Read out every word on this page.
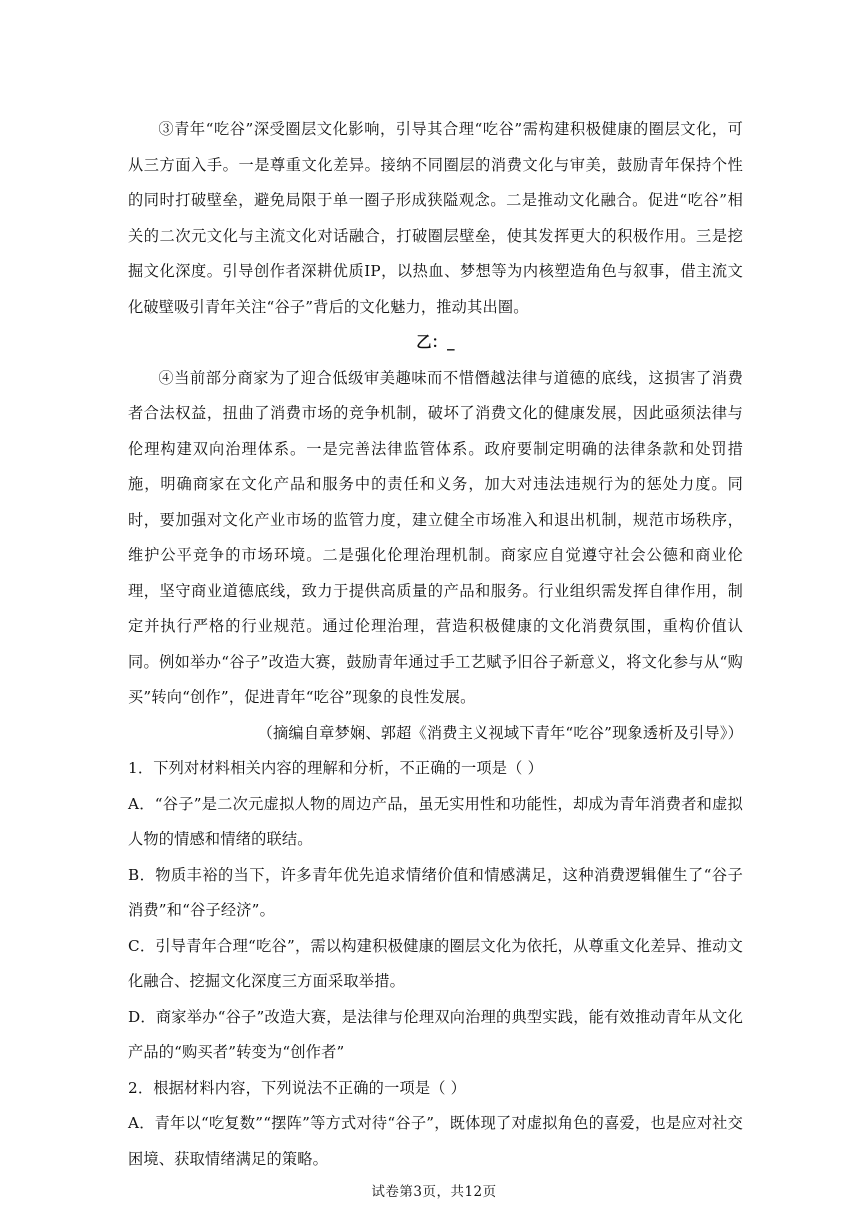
③青年“吃谷”深受圈层文化影响，引导其合理“吃谷”需构建积极健康的圈层文化，可从三方面入手。一是尊重文化差异。接纳不同圈层的消费文化与审美，鼓励青年保持个性的同时打破壁垒，避免局限于单一圈子形成狭隘观念。二是推动文化融合。促进“吃谷”相关的二次元文化与主流文化对话融合，打破圈层壁垒，使其发挥更大的积极作用。三是挖掘文化深度。引导创作者深耕优质IP，以热血、梦想等为内核塑造角色与叙事，借主流文化破壁吸引青年关注“谷子”背后的文化魅力，推动其出圈。

乙：_

④当前部分商家为了迎合低级审美趣味而不惜僭越法律与道德的底线，这损害了消费者合法权益，扭曲了消费市场的竞争机制，破坏了消费文化的健康发展，因此亟须法律与伦理构建双向治理体系。一是完善法律监管体系。政府要制定明确的法律条款和处罚措施，明确商家在文化产品和服务中的责任和义务，加大对违法违规行为的惩处力度。同时，要加强对文化产业市场的监管力度，建立健全市场准入和退出机制，规范市场秩序，维护公平竞争的市场环境。二是强化伦理治理机制。商家应自觉遵守社会公德和商业伦理，坚守商业道德底线，致力于提供高质量的产品和服务。行业组织需发挥自律作用，制定并执行严格的行业规范。通过伦理治理，营造积极健康的文化消费氛围，重构价值认同。例如举办“谷子”改造大赛，鼓励青年通过手工艺赋予旧谷子新意义，将文化参与从“购买”转向“创作”，促进青年“吃谷”现象的良性发展。

（摘编自章梦娴、郭超《消费主义视域下青年“吃谷”现象透析及引导》）

1．下列对材料相关内容的理解和分析，不正确的一项是（ ）

A．“谷子”是二次元虚拟人物的周边产品，虽无实用性和功能性，却成为青年消费者和虚拟人物的情感和情绪的联结。

B．物质丰裕的当下，许多青年优先追求情绪价值和情感满足，这种消费逻辑催生了“谷子消费”和“谷子经济”。

C．引导青年合理“吃谷”，需以构建积极健康的圈层文化为依托，从尊重文化差异、推动文化融合、挖掘文化深度三方面采取举措。

D．商家举办“谷子”改造大赛，是法律与伦理双向治理的典型实践，能有效推动青年从文化产品的“购买者”转变为“创作者”

2．根据材料内容，下列说法不正确的一项是（ ）

A．青年以“吃复数”“摆阵”等方式对待“谷子”，既体现了对虚拟角色的喜爱，也是应对社交困境、获取情绪满足的策略。

试卷第3页，共12页
